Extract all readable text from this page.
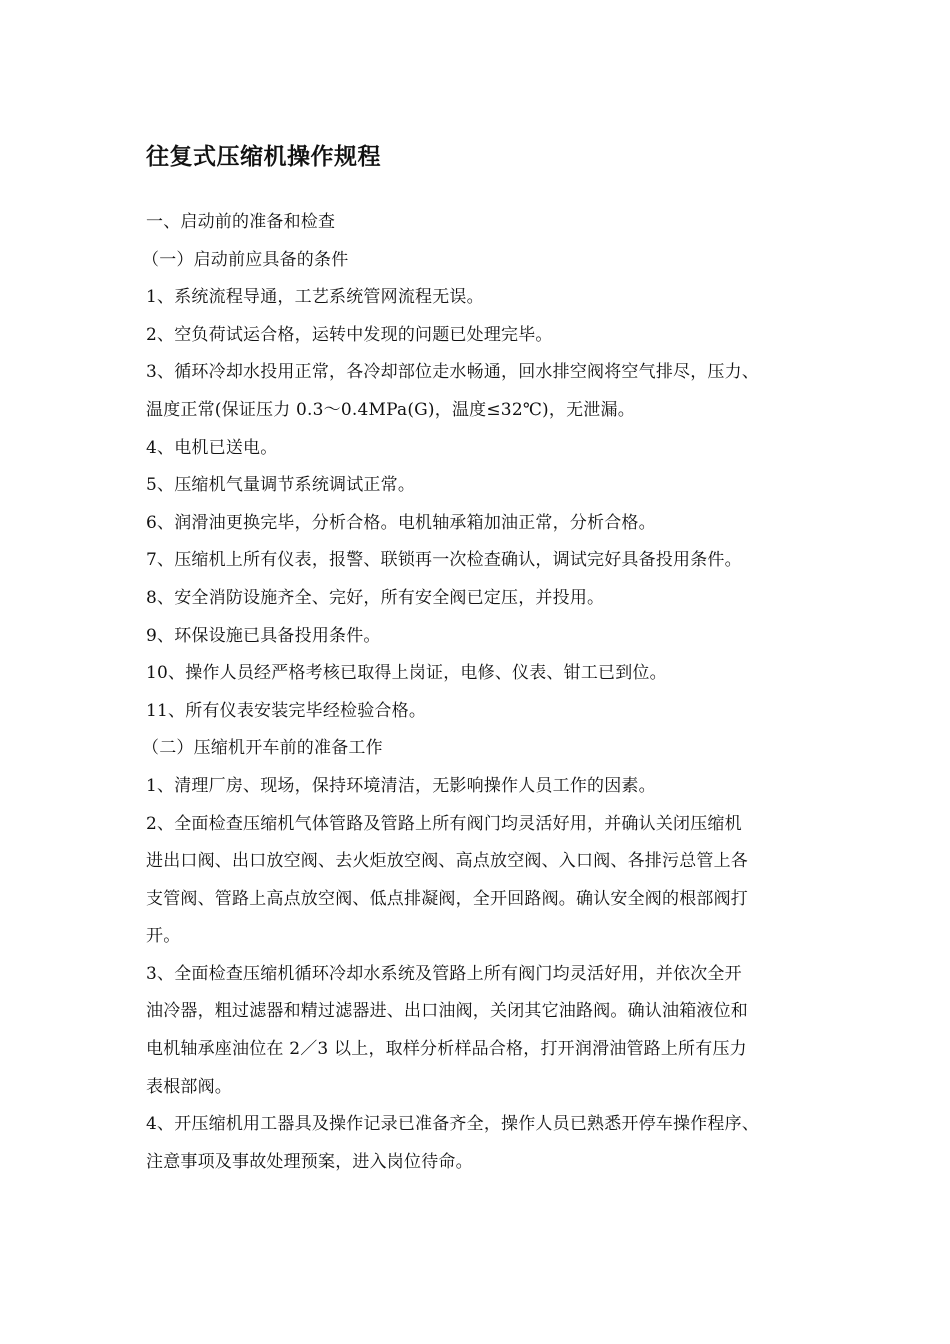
往复式压缩机操作规程
一、启动前的准备和检查
（一）启动前应具备的条件
1、系统流程导通，工艺系统管网流程无误。
2、空负荷试运合格，运转中发现的问题已处理完毕。
3、循环冷却水投用正常，各冷却部位走水畅通，回水排空阀将空气排尽，压力、
温度正常(保证压力 0.3～0.4MPa(G)，温度≤32℃)，无泄漏。
4、电机已送电。
5、压缩机气量调节系统调试正常。
6、润滑油更换完毕，分析合格。电机轴承箱加油正常，分析合格。
7、压缩机上所有仪表，报警、联锁再一次检查确认，调试完好具备投用条件。
8、安全消防设施齐全、完好，所有安全阀已定压，并投用。
9、环保设施已具备投用条件。
10、操作人员经严格考核已取得上岗证，电修、仪表、钳工已到位。
11、所有仪表安装完毕经检验合格。
（二）压缩机开车前的准备工作
1、清理厂房、现场，保持环境清洁，无影响操作人员工作的因素。
2、全面检查压缩机气体管路及管路上所有阀门均灵活好用，并确认关闭压缩机
进出口阀、出口放空阀、去火炬放空阀、高点放空阀、入口阀、各排污总管上各
支管阀、管路上高点放空阀、低点排凝阀，全开回路阀。确认安全阀的根部阀打
开。
3、全面检查压缩机循环冷却水系统及管路上所有阀门均灵活好用，并依次全开
油冷器，粗过滤器和精过滤器进、出口油阀，关闭其它油路阀。确认油箱液位和
电机轴承座油位在 2／3 以上，取样分析样品合格，打开润滑油管路上所有压力
表根部阀。
4、开压缩机用工器具及操作记录已准备齐全，操作人员已熟悉开停车操作程序、
注意事项及事故处理预案，进入岗位待命。
